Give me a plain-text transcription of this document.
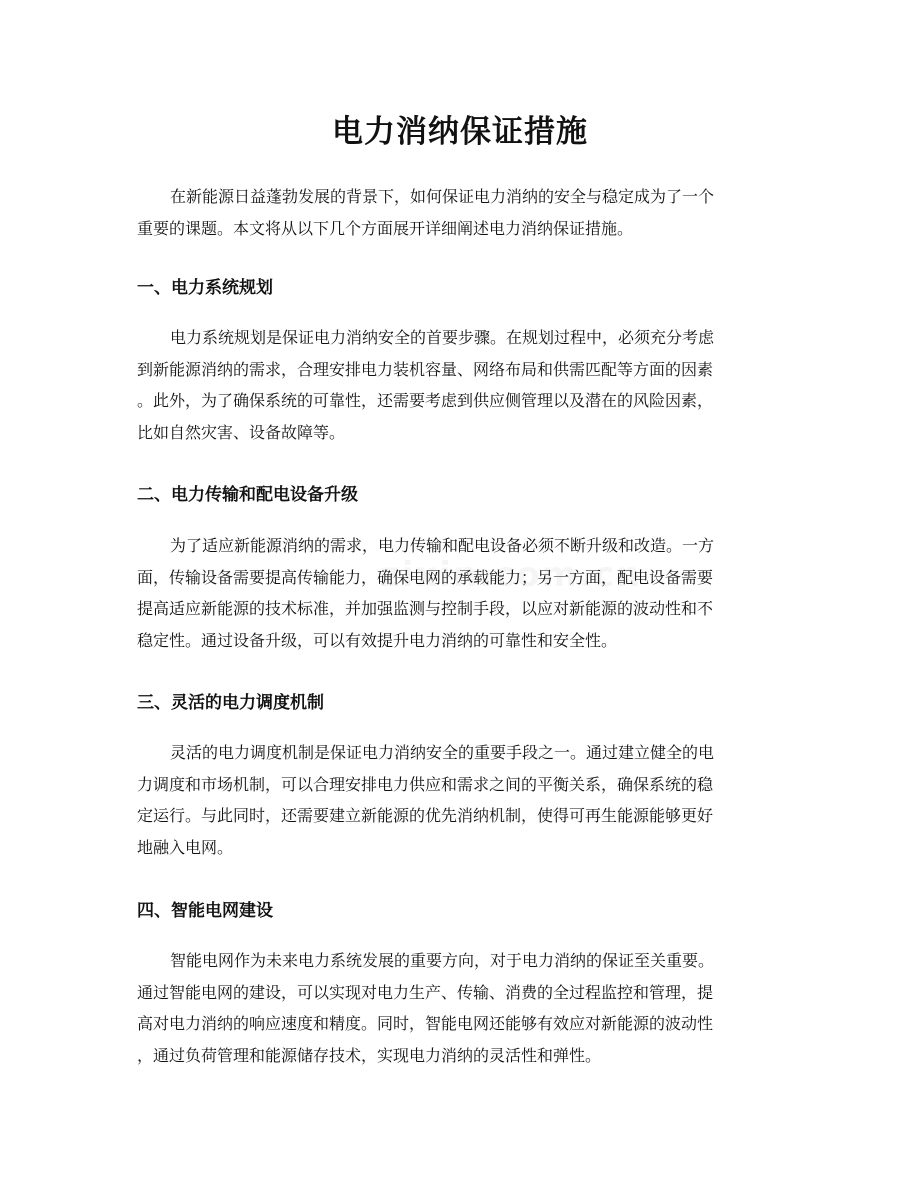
电力消纳保证措施
在新能源日益蓬勃发展的背景下，如何保证电力消纳的安全与稳定成为了一个
重要的课题。本文将从以下几个方面展开详细阐述电力消纳保证措施。
一、电力系统规划
电力系统规划是保证电力消纳安全的首要步骤。在规划过程中，必须充分考虑
到新能源消纳的需求，合理安排电力装机容量、网络布局和供需匹配等方面的因素
。此外，为了确保系统的可靠性，还需要考虑到供应侧管理以及潜在的风险因素，
比如自然灾害、设备故障等。
二、电力传输和配电设备升级
为了适应新能源消纳的需求，电力传输和配电设备必须不断升级和改造。一方
面，传输设备需要提高传输能力，确保电网的承载能力；另一方面，配电设备需要
提高适应新能源的技术标准，并加强监测与控制手段，以应对新能源的波动性和不
稳定性。通过设备升级，可以有效提升电力消纳的可靠性和安全性。
三、灵活的电力调度机制
灵活的电力调度机制是保证电力消纳安全的重要手段之一。通过建立健全的电
力调度和市场机制，可以合理安排电力供应和需求之间的平衡关系，确保系统的稳
定运行。与此同时，还需要建立新能源的优先消纳机制，使得可再生能源能够更好
地融入电网。
四、智能电网建设
智能电网作为未来电力系统发展的重要方向，对于电力消纳的保证至关重要。
通过智能电网的建设，可以实现对电力生产、传输、消费的全过程监控和管理，提
高对电力消纳的响应速度和精度。同时，智能电网还能够有效应对新能源的波动性
，通过负荷管理和能源储存技术，实现电力消纳的灵活性和弹性。
